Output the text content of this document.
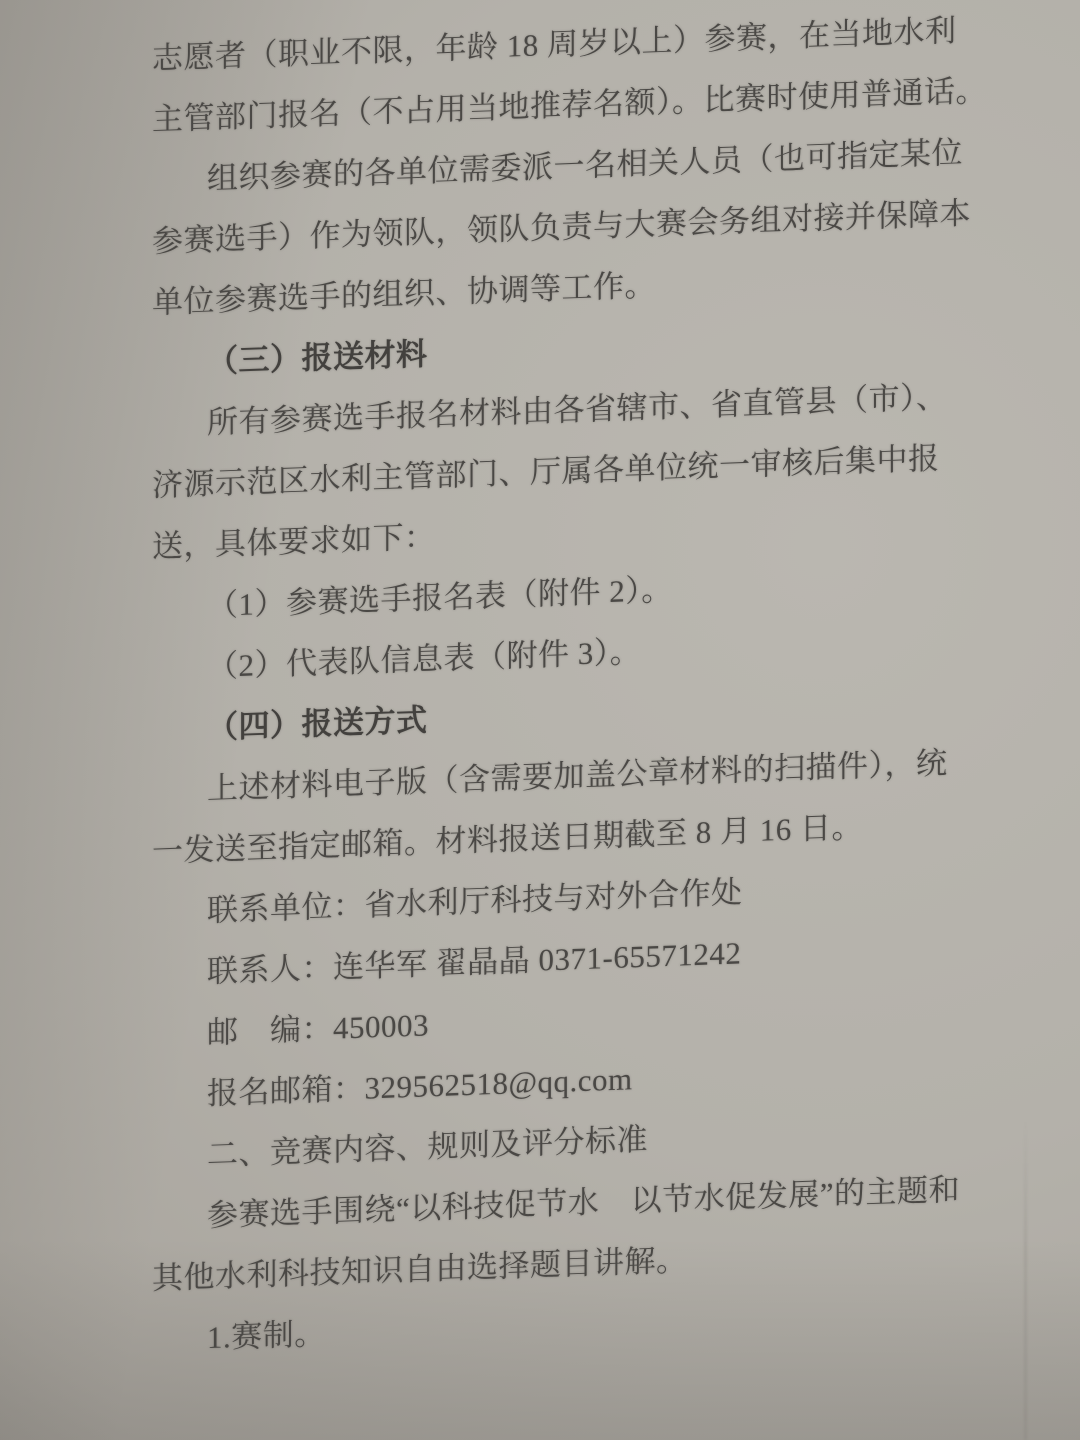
志愿者（职业不限，年龄 18 周岁以上）参赛，在当地水利
主管部门报名（不占用当地推荐名额）。比赛时使用普通话。
组织参赛的各单位需委派一名相关人员（也可指定某位
参赛选手）作为领队，领队负责与大赛会务组对接并保障本
单位参赛选手的组织、协调等工作。
（三）报送材料
所有参赛选手报名材料由各省辖市、省直管县（市）、
济源示范区水利主管部门、厅属各单位统一审核后集中报
送，具体要求如下：
（1）参赛选手报名表（附件 2）。
（2）代表队信息表（附件 3）。
（四）报送方式
上述材料电子版（含需要加盖公章材料的扫描件），统
一发送至指定邮箱。材料报送日期截至 8 月 16 日。
联系单位：省水利厅科技与对外合作处
联系人：连华军 翟晶晶 0371-65571242
邮　编：450003
报名邮箱：329562518@qq.com
二、竞赛内容、规则及评分标准
参赛选手围绕“以科技促节水　以节水促发展”的主题和
其他水利科技知识自由选择题目讲解。
1.赛制。
